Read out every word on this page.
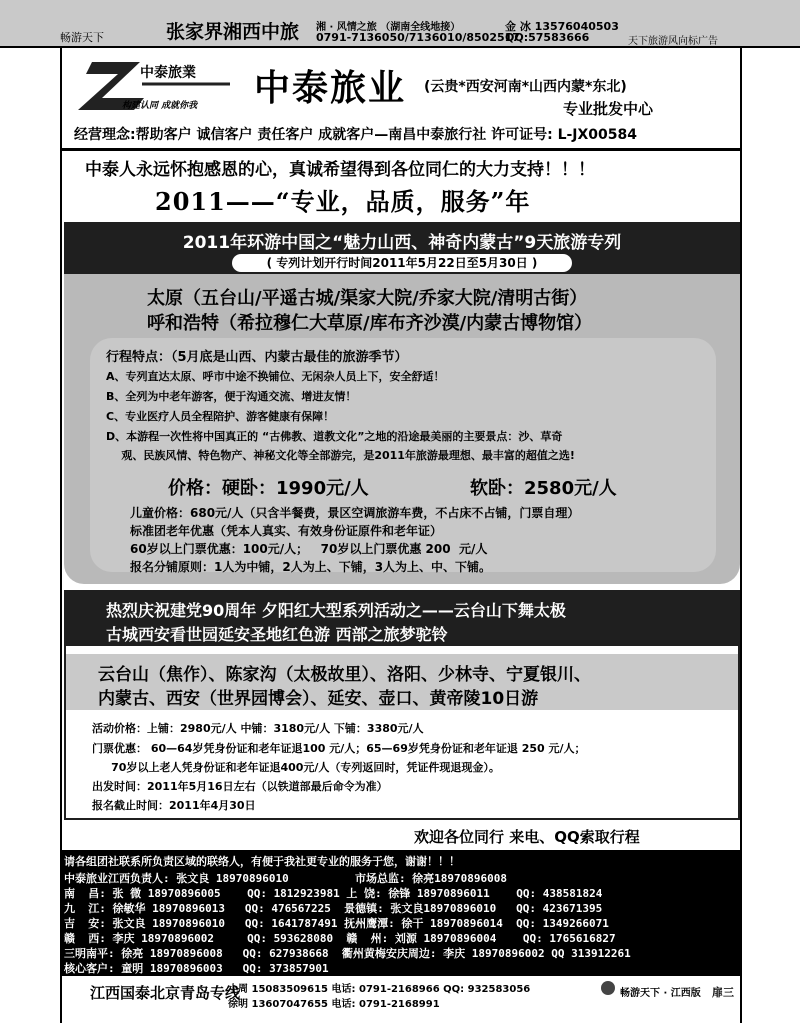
畅游天下	张家界湘西中旅 湘 · 风情之旅 （湖南全线地接）
0791-7136050/7136010/8502517
金 冰 13576040503
QQ:57583666	天下旅游风向标广告
中泰旅業
构建认同 成就你我 中泰旅业 (云贵*西安河南*山西内蒙*东北)
专业批发中心
经营理念:帮助客户 诚信客户 责任客户 成就客户—南昌中泰旅行社 许可证号: L-JX00584
中泰人永远怀抱感恩的心，真诚希望得到各位同仁的大力支持！！！
2011——“专业，品质，服务”年
2011年环游中国之“魅力山西、神奇内蒙古”9天旅游专列
( 专列计划开行时间2011年5月22日至5月30日 )
太原（五台山/平遥古城/渠家大院/乔家大院/清明古街）
呼和浩特（希拉穆仁大草原/库布齐沙漠/内蒙古博物馆）
行程特点：（5月底是山西、内蒙古最佳的旅游季节）
A、专列直达太原、呼市中途不换铺位、无闲杂人员上下，安全舒适！
B、全列为中老年游客，便于沟通交流、增进友情！
C、专业医疗人员全程陪护、游客健康有保障！
D、本游程一次性将中国真正的 “古佛教、道教文化”之地的沿途最美丽的主要景点：沙、草奇
观、民族风情、特色物产、神秘文化等全部游完，是2011年旅游最理想、最丰富的超值之选!
价格：硬卧：1990元/人	软卧：2580元/人
儿童价格：680元/人（只含半餐费，景区空调旅游车费，不占床不占铺，门票自理）
标准团老年优惠（凭本人真实、有效身份证原件和老年证）
60岁以上门票优惠：100元/人；   70岁以上门票优惠 200  元/人
报名分铺原则：1人为中铺，2人为上、下铺，3人为上、中、下铺。
热烈庆祝建党90周年 夕阳红大型系列活动之——云台山下舞太极
古城西安看世园延安圣地红色游 西部之旅梦驼铃
云台山（焦作）、陈家沟（太极故里）、洛阳、少林寺、宁夏银川、
内蒙古、西安（世界园博会）、延安、壶口、黄帝陵10日游
活动价格：上铺：2980元/人 中铺：3180元/人 下铺：3380元/人
门票优惠： 60—64岁凭身份证和老年证退100 元/人；65—69岁凭身份证和老年证退 250 元/人；
70岁以上老人凭身份证和老年证退400元/人（专列返回时，凭证件现退现金）。
出发时间：2011年5月16日左右（以铁道部最后命令为准）
报名截止时间：2011年4月30日
欢迎各位同行 来电、QQ索取行程
请各组团社联系所负责区域的联络人，有便于我社更专业的服务于您，谢谢！！！
中泰旅业江西负责人: 张文良 18970896010          市场总监: 徐亮18970896008
南  昌: 张 微 18970896005    QQ: 1812923981 上 饶: 徐锋 18970896011    QQ: 438581824
九  江: 徐敏华 18970896013   QQ: 476567225  景德镇: 张文良18970896010   QQ: 423671395
吉  安: 张文良 18970896010   QQ: 1641787491 抚州鹰潭: 徐干 18970896014  QQ: 1349266071
赣  西: 李庆 18970896002     QQ: 593628080  赣  州: 刘源 18970896004    QQ: 1765616827
三明南平: 徐亮 18970896008   QQ: 627938668  衢州黄梅安庆周边: 李庆 18970896002 QQ 313912261
核心客户: 童明 18970896003   QQ: 373857901
江西国泰北京青岛专线
小周 15083509615 电话: 0791-2168966 QQ: 932583056
徐明 13607047655 电话: 0791-2168991
畅游天下 · 江西版 扉三
